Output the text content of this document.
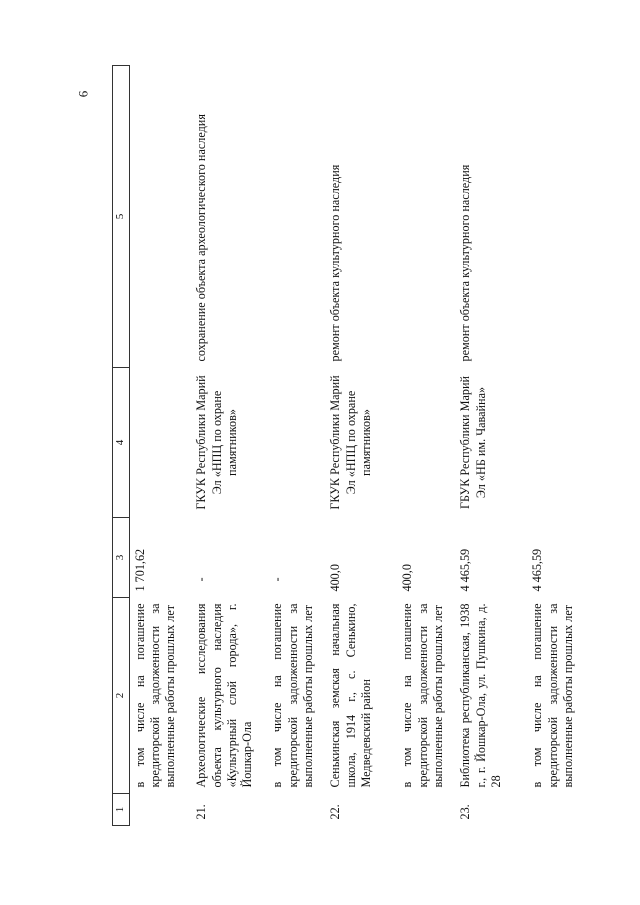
6
1	2	3	4	5
	в том числе на погашение кредиторской задолженности за выполненные работы прошлых лет	1 701,62		
21.	Археологические исследования объекта культурного наследия «Культурный слой города», г. Йошкар-Ола	-	ГКУК Республики Марий Эл «НПЦ по охране памятников»	сохранение объекта археологического наследия
	в том числе на погашение кредиторской задолженности за выполненные работы прошлых лет	-		
22.	Сенькинская земская начальная школа, 1914 г., с. Сенькино, Медведевский район	400,0	ГКУК Республики Марий Эл «НПЦ по охране памятников»	ремонт объекта культурного наследия
	в том числе на погашение кредиторской задолженности за выполненные работы прошлых лет	400,0		
23.	Библиотека республиканская, 1938 г., г. Йошкар-Ола, ул. Пушкина, д. 28	4 465,59	ГБУК Республики Марий Эл «НБ им. Чавайна»	ремонт объекта культурного наследия
	в том числе на погашение кредиторской задолженности за выполненные работы прошлых лет	4 465,59		
